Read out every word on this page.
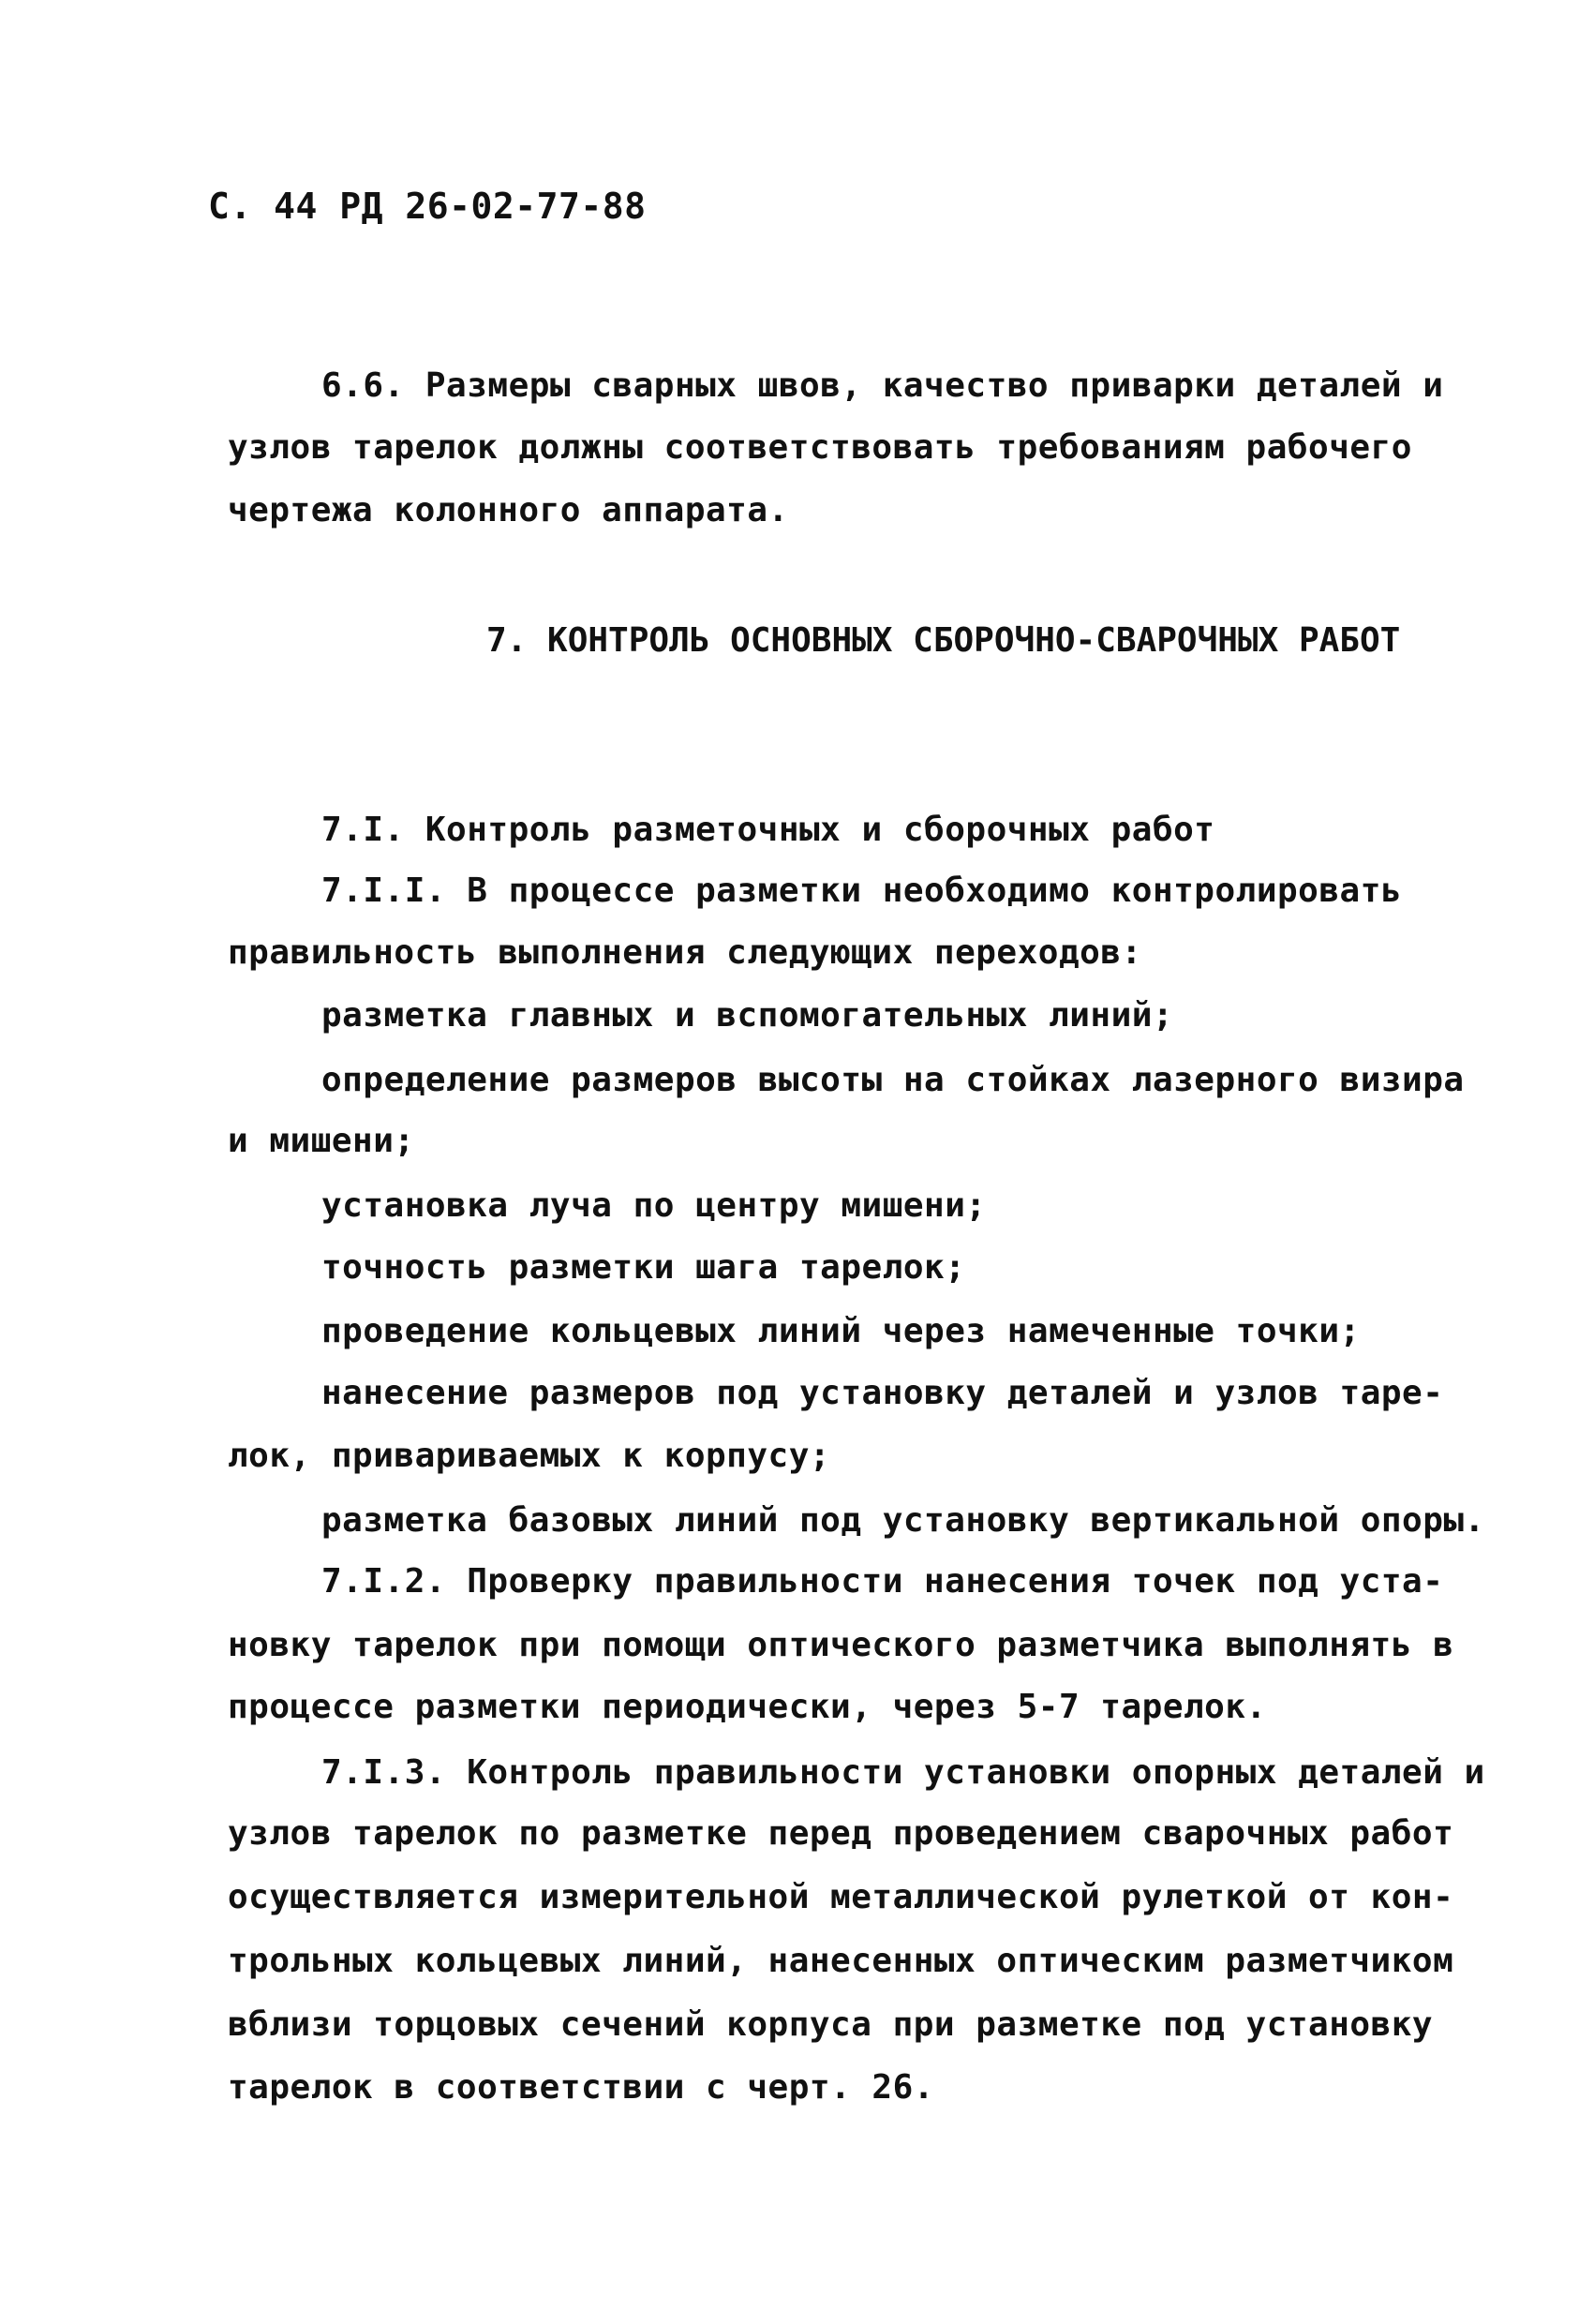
С. 44 РД 26-02-77-88
6.6. Размеры сварных швов, качество приварки деталей и
узлов тарелок должны соответствовать требованиям рабочего
чертежа колонного аппарата.
7. КОНТРОЛЬ ОСНОВНЫХ СБОРОЧНО-СВАРОЧНЫХ РАБОТ
7.I. Контроль разметочных и сборочных работ
7.I.I. В процессе разметки необходимо контролировать
правильность выполнения следующих переходов:
разметка главных и вспомогательных линий;
определение размеров высоты на стойках лазерного визира
и мишени;
установка луча по центру мишени;
точность разметки шага тарелок;
проведение кольцевых линий через намеченные точки;
нанесение размеров под установку деталей и узлов таре-
лок, привариваемых к корпусу;
разметка базовых линий под установку вертикальной опоры.
7.I.2. Проверку правильности нанесения точек под уста-
новку тарелок при помощи оптического разметчика выполнять в
процессе разметки периодически, через 5-7 тарелок.
7.I.3. Контроль правильности установки опорных деталей и
узлов тарелок по разметке перед проведением сварочных работ
осуществляется измерительной металлической рулеткой от кон-
трольных кольцевых линий, нанесенных оптическим разметчиком
вблизи торцовых сечений корпуса при разметке под установку
тарелок в соответствии с черт. 26.
